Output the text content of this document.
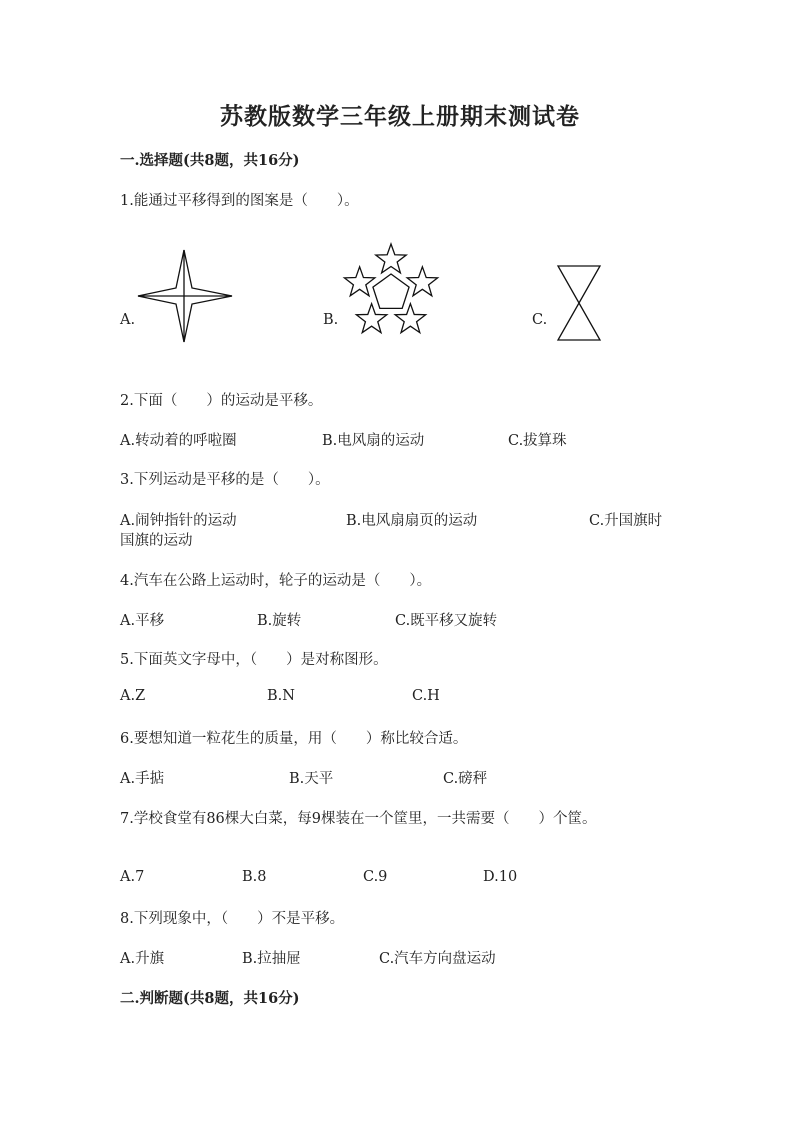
苏教版数学三年级上册期末测试卷
一.选择题(共8题，共16分)
1.能通过平移得到的图案是（　　）。
A.	B.	C.
2.下面（　　）的运动是平移。
A.转动着的呼啦圈	B.电风扇的运动	C.拔算珠
3.下列运动是平移的是（　　）。
A.闹钟指针的运动	B.电风扇扇页的运动	C.升国旗时
国旗的运动
4.汽车在公路上运动时，轮子的运动是（　　）。
A.平移	B.旋转	C.既平移又旋转
5.下面英文字母中，（　　）是对称图形。
A.Z	B.N	C.H
6.要想知道一粒花生的质量，用（　　）称比较合适。
A.手掂	B.天平	C.磅秤
7.学校食堂有86棵大白菜，每9棵装在一个筐里，一共需要（　　）个筐。
A.7	B.8	C.9	D.10
8.下列现象中，（　　）不是平移。
A.升旗	B.拉抽屉	C.汽车方向盘运动
二.判断题(共8题，共16分)
